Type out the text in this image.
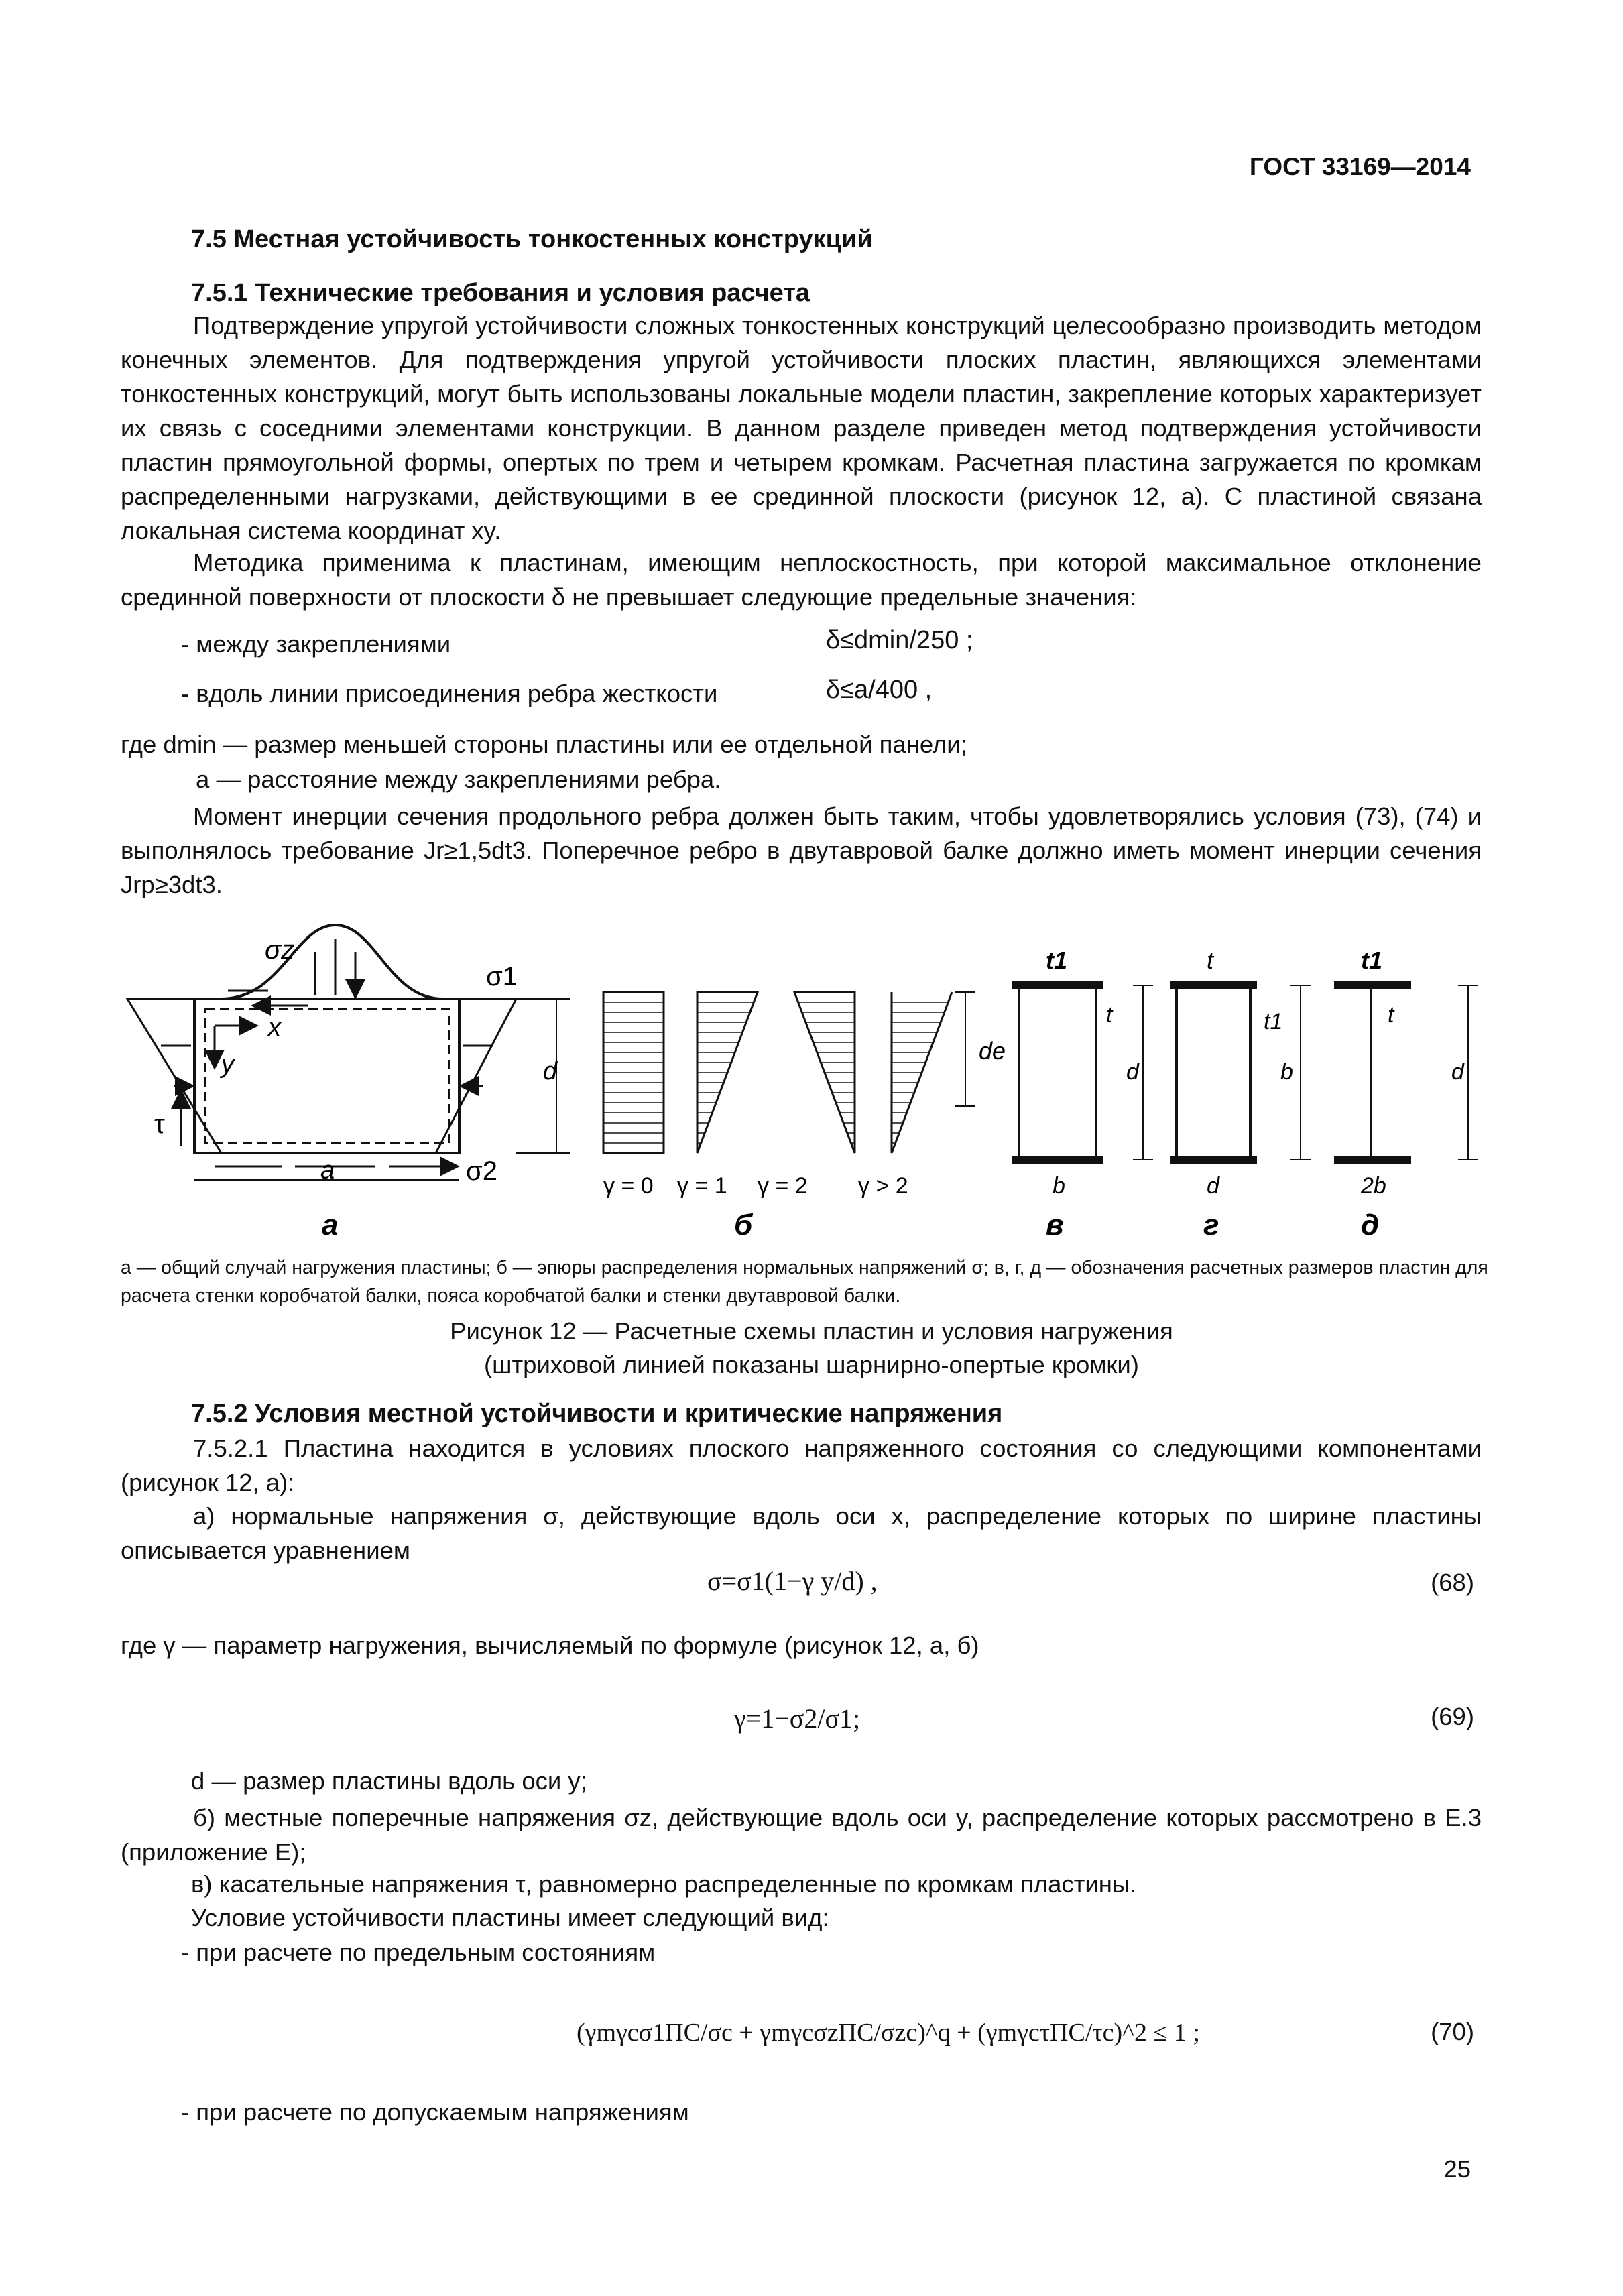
ГОСТ 33169—2014
7.5 Местная устойчивость тонкостенных конструкций
7.5.1 Технические требования и условия расчета
Подтверждение упругой устойчивости сложных тонкостенных конструкций целесообразно производить методом конечных элементов. Для подтверждения упругой устойчивости плоских пластин, являющихся элементами тонкостенных конструкций, могут быть использованы локальные модели пластин, закрепление которых характеризует их связь с соседними элементами конструкции. В данном разделе приведен метод подтверждения устойчивости пластин прямоугольной формы, опертых по трем и четырем кромкам. Расчетная пластина загружается по кромкам распределенными нагрузками, действующими в ее срединной плоскости (рисунок 12, а). С пластиной связана локальная система координат xy.
Методика применима к пластинам, имеющим неплоскостность, при которой максимальное отклонение срединной поверхности от плоскости δ не превышает следующие предельные значения:
- между закреплениями	δ≤dmin/250 ;
- вдоль линии присоединения ребра жесткости	δ≤a/400 ,
где dmin — размер меньшей стороны пластины или ее отдельной панели;
a — расстояние между закреплениями ребра.
Момент инерции сечения продольного ребра должен быть таким, чтобы удовлетворялись условия (73), (74) и выполнялось требование Jr≥1,5dt3. Поперечное ребро в двутавровой балке должно иметь момент инерции сечения Jrp≥3dt3.
σz
σ1
σ2
τ
x
y
a
d
а
de
γ = 0 γ = 1 γ = 2 γ > 2
б
t1
t
d
b
в
t
t1
b
d
г
t1
t
d
2b
д
а — общий случай нагружения пластины; б — эпюры распределения нормальных напряжений σ; в, г, д — обозначения расчетных размеров пластин для расчета стенки коробчатой балки, пояса коробчатой балки и стенки двутавровой балки.
Рисунок 12 — Расчетные схемы пластин и условия нагружения
(штриховой линией показаны шарнирно-опертые кромки)
7.5.2 Условия местной устойчивости и критические напряжения
7.5.2.1 Пластина находится в условиях плоского напряженного состояния со следующими компонентами (рисунок 12, а):
а) нормальные напряжения σ, действующие вдоль оси x, распределение которых по ширине пластины описывается уравнением
σ=σ1(1−γ y/d) ,	(68)
где γ — параметр нагружения, вычисляемый по формуле (рисунок 12, а, б)
γ=1−σ2/σ1;	(69)
d — размер пластины вдоль оси y;
б) местные поперечные напряжения σz, действующие вдоль оси y, распределение которых рассмотрено в Е.3 (приложение Е);
в) касательные напряжения τ, равномерно распределенные по кромкам пластины.
Условие устойчивости пластины имеет следующий вид:
- при расчете по предельным состояниям
(γmγcσ1ПС/σc + γmγcσzПС/σzc)^q + (γmγcτПС/τc)^2 ≤ 1 ;	(70)
- при расчете по допускаемым напряжениям
25
